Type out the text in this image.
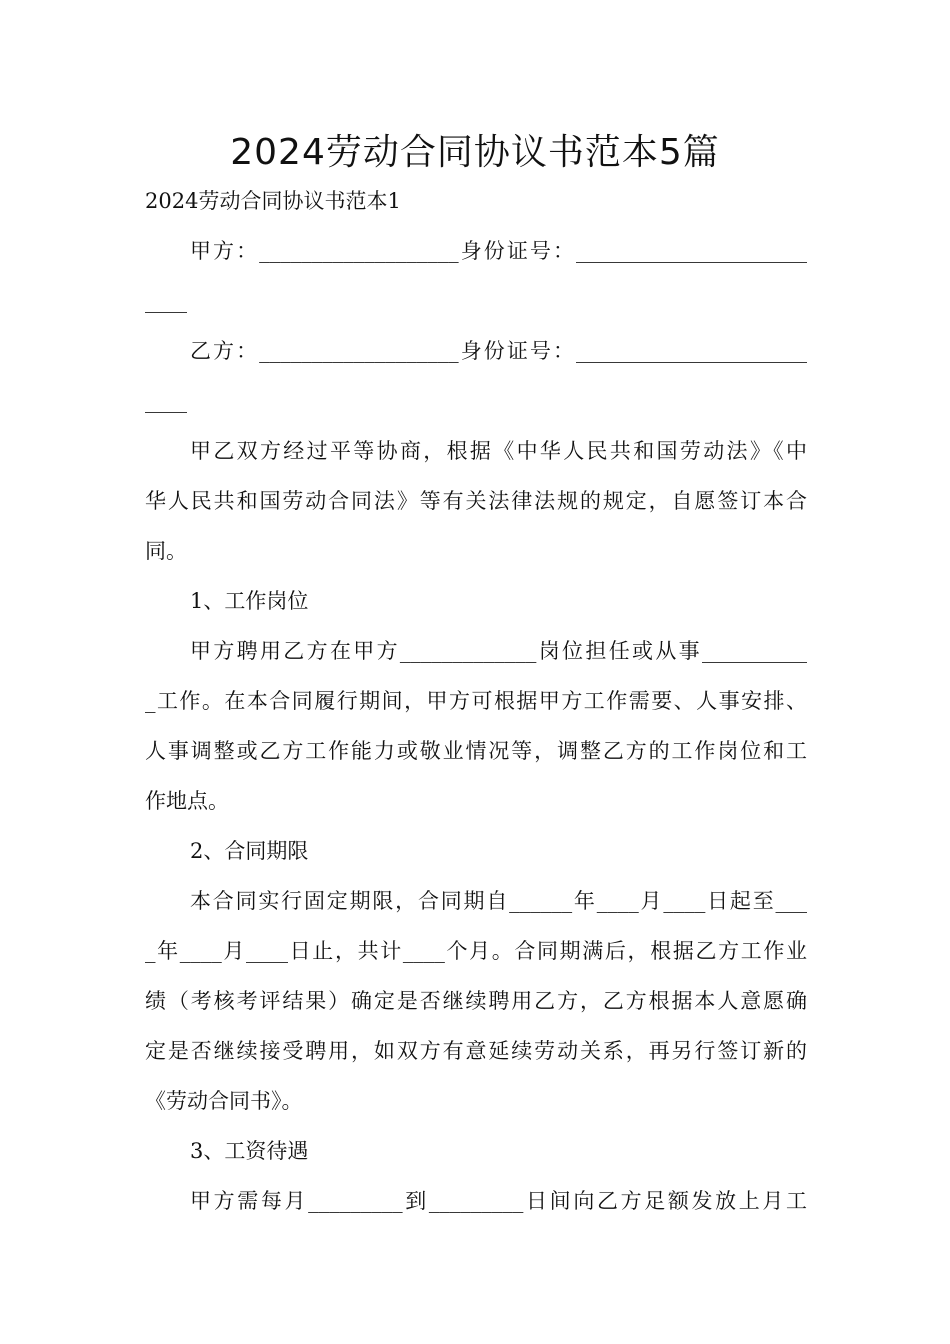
2024劳动合同协议书范本5篇
2024劳动合同协议书范本1
甲方：___________________身份证号：______________________
____
乙方：___________________身份证号：______________________
____
甲乙双方经过平等协商，根据《中华人民共和国劳动法》《中
华人民共和国劳动合同法》等有关法律法规的规定，自愿签订本合
同。
1、工作岗位
甲方聘用乙方在甲方_____________岗位担任或从事__________
_工作。在本合同履行期间，甲方可根据甲方工作需要、人事安排、
人事调整或乙方工作能力或敬业情况等，调整乙方的工作岗位和工
作地点。
2、合同期限
本合同实行固定期限，合同期自______年____月____日起至___
_年____月____日止，共计____个月。合同期满后，根据乙方工作业
绩（考核考评结果）确定是否继续聘用乙方，乙方根据本人意愿确
定是否继续接受聘用，如双方有意延续劳动关系，再另行签订新的
《劳动合同书》。
3、工资待遇
甲方需每月_________到_________日间向乙方足额发放上月工
